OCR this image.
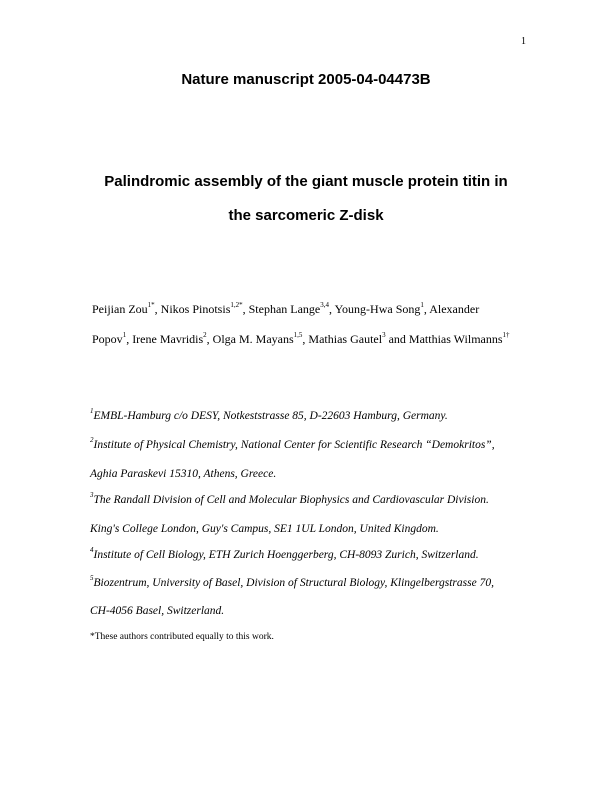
1
Nature manuscript 2005-04-04473B
Palindromic assembly of the giant muscle protein titin in
the sarcomeric Z-disk
Peijian Zou$^{1*}$, Nikos Pinotsis$^{1,2*}$, Stephan Lange$^{3,4}$, Young-Hwa Song$^1$, Alexander
Popov$^1$, Irene Mavridis$^2$, Olga M. Mayans$^{1,5}$, Mathias Gautel$^3$ and Matthias Wilmanns$^{1\dagger}$
$^1$EMBL-Hamburg c/o DESY, Notkeststrasse 85, D-22603 Hamburg, Germany.
$^2$Institute of Physical Chemistry, National Center for Scientific Research “Demokritos”,
Aghia Paraskevi 15310, Athens, Greece.
$^3$The Randall Division of Cell and Molecular Biophysics and Cardiovascular Division.
King's College London, Guy's Campus, SE1 1UL London, United Kingdom.
$^4$Institute of Cell Biology, ETH Zurich Hoenggerberg, CH-8093 Zurich, Switzerland.
$^5$Biozentrum, University of Basel, Division of Structural Biology, Klingelbergstrasse 70,
CH-4056 Basel, Switzerland.
*These authors contributed equally to this work.
